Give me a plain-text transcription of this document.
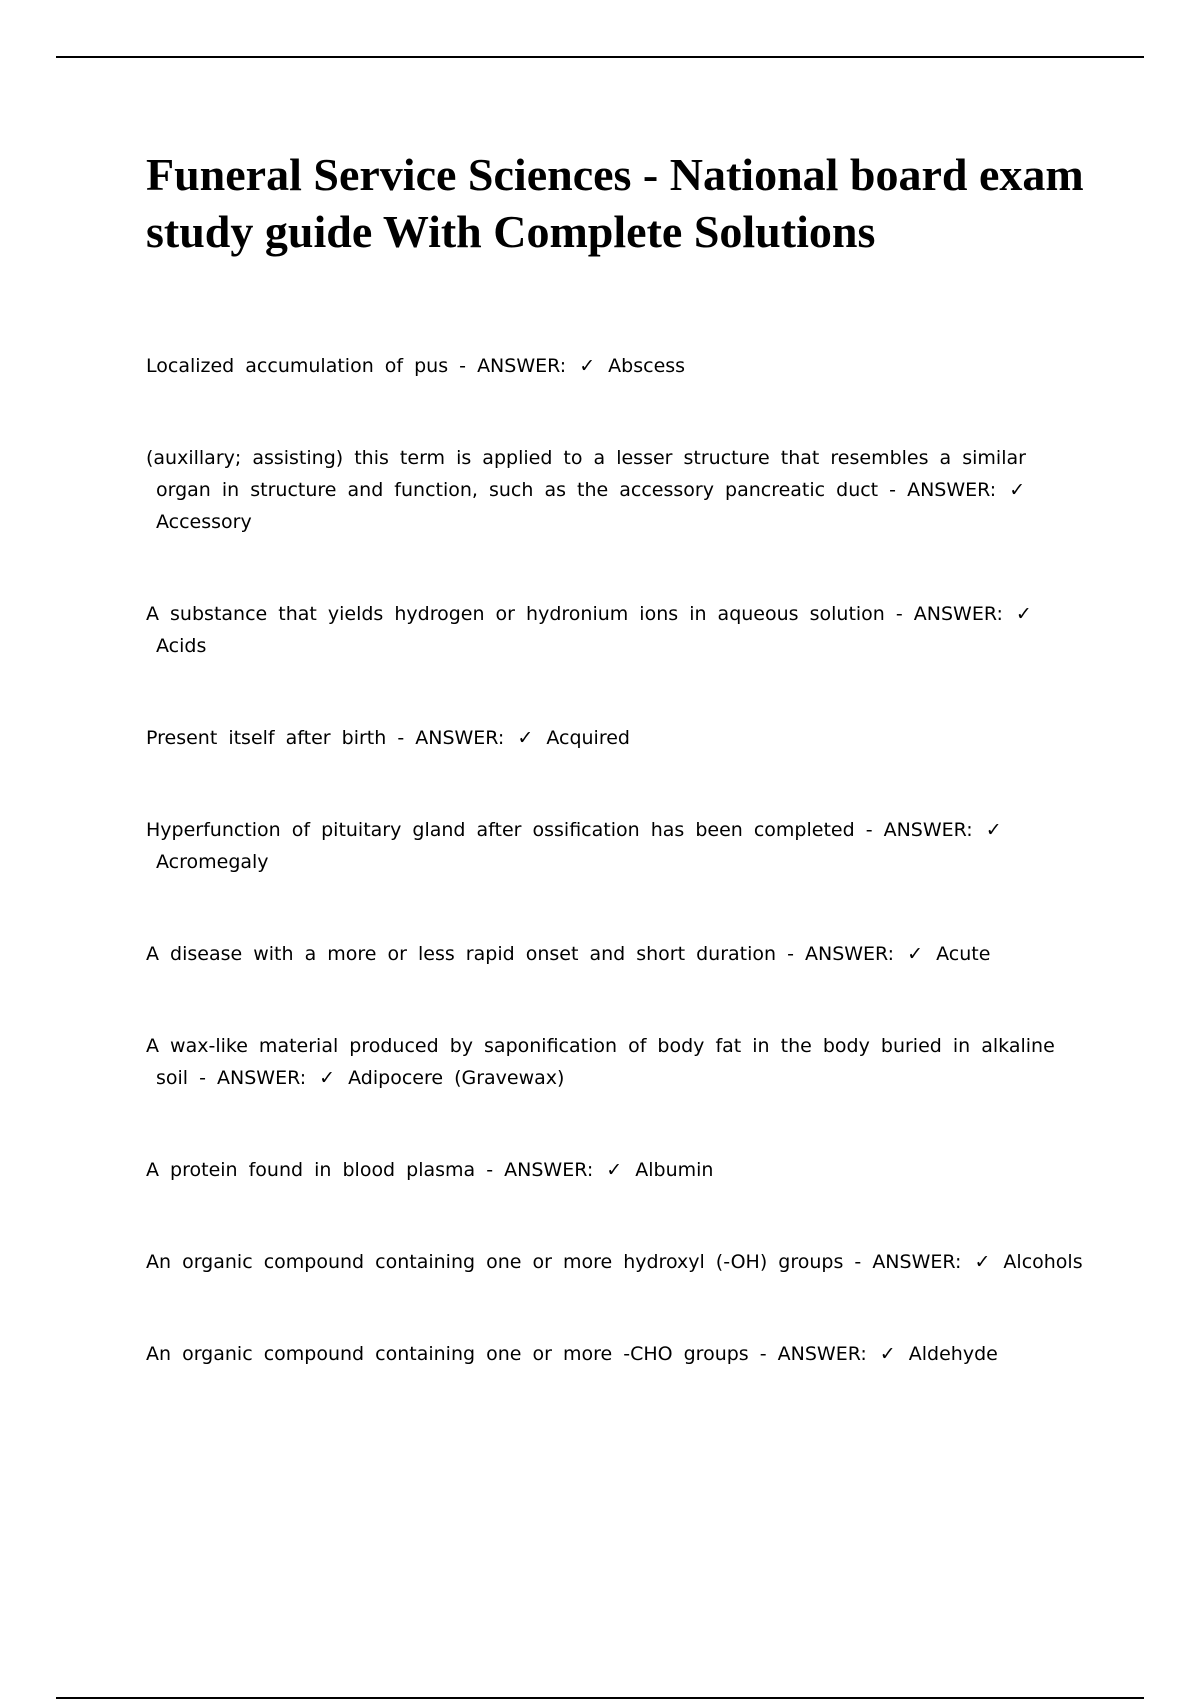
Funeral Service Sciences - National board exam study guide With Complete Solutions
Localized accumulation of pus - ANSWER: ✓ Abscess
(auxillary; assisting) this term is applied to a lesser structure that resembles a similar organ in structure and function, such as the accessory pancreatic duct - ANSWER: ✓ Accessory
A substance that yields hydrogen or hydronium ions in aqueous solution - ANSWER: ✓ Acids
Present itself after birth - ANSWER: ✓ Acquired
Hyperfunction of pituitary gland after ossification has been completed - ANSWER: ✓ Acromegaly
A disease with a more or less rapid onset and short duration - ANSWER: ✓ Acute
A wax-like material produced by saponification of body fat in the body buried in alkaline soil - ANSWER: ✓ Adipocere (Gravewax)
A protein found in blood plasma - ANSWER: ✓ Albumin
An organic compound containing one or more hydroxyl (-OH) groups - ANSWER: ✓ Alcohols
An organic compound containing one or more -CHO groups - ANSWER: ✓ Aldehyde
